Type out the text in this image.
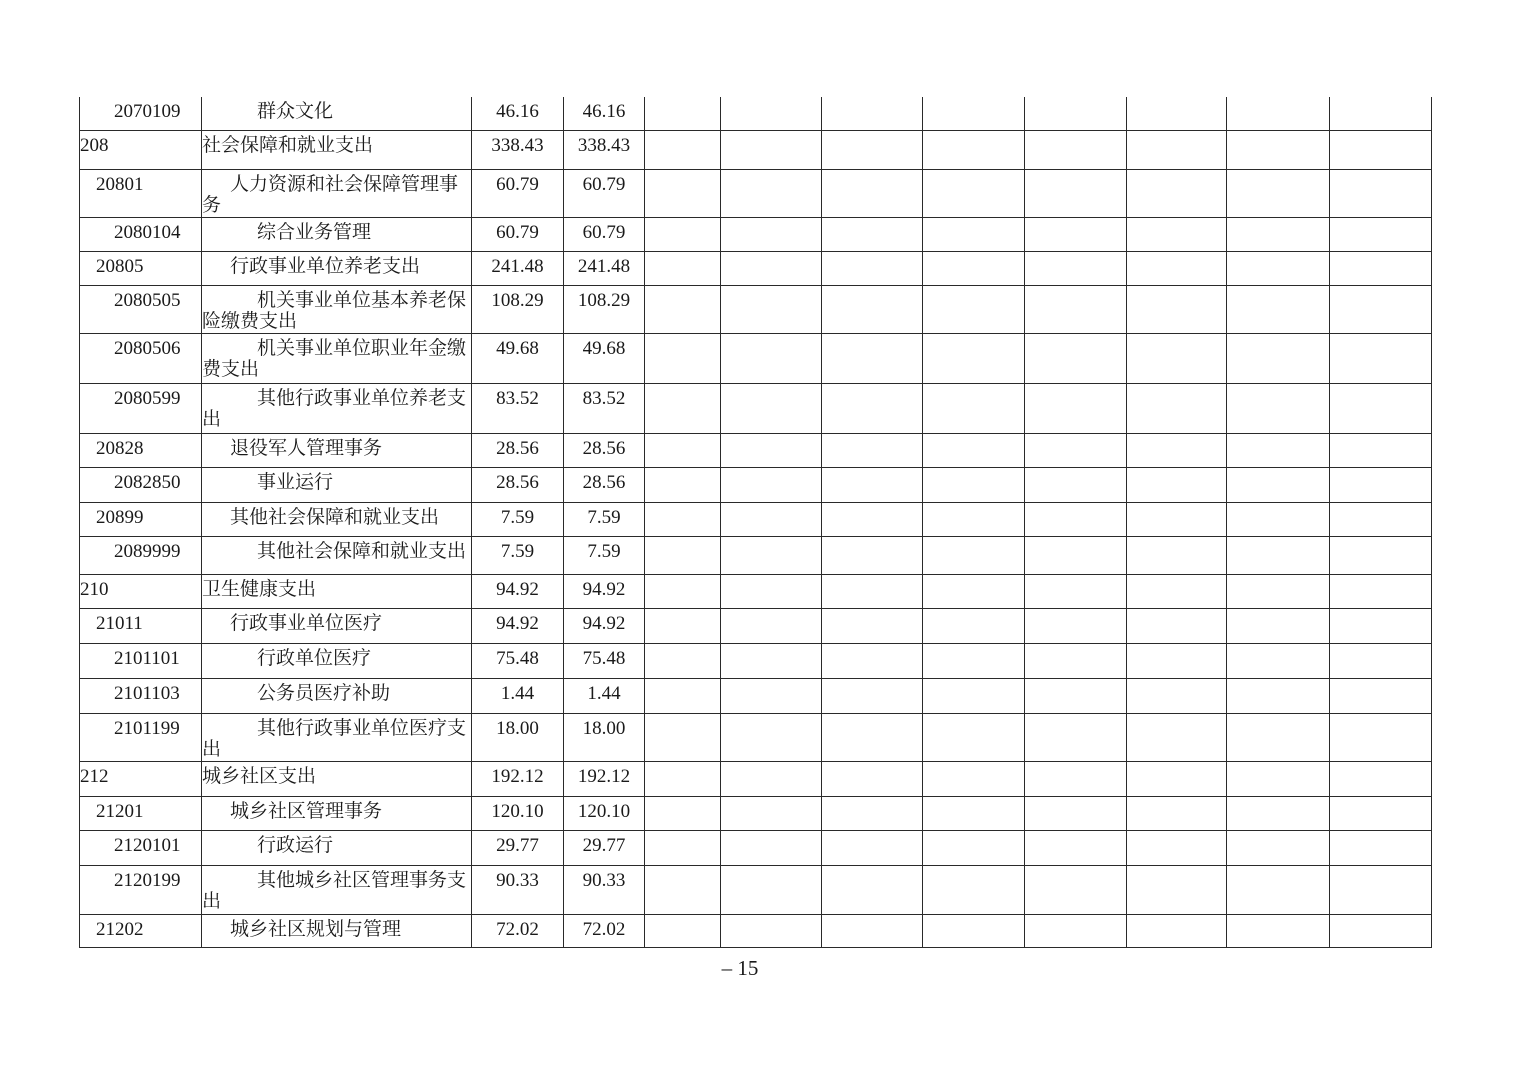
2070109	群众文化	46.16	46.16								
208	社会保障和就业支出	338.43	338.43								
20801	人力资源和社会保障管理事务	60.79	60.79								
2080104	综合业务管理	60.79	60.79								
20805	行政事业单位养老支出	241.48	241.48								
2080505	机关事业单位基本养老保险缴费支出	108.29	108.29								
2080506	机关事业单位职业年金缴费支出	49.68	49.68								
2080599	其他行政事业单位养老支出	83.52	83.52								
20828	退役军人管理事务	28.56	28.56								
2082850	事业运行	28.56	28.56								
20899	其他社会保障和就业支出	7.59	7.59								
2089999	其他社会保障和就业支出	7.59	7.59								
210	卫生健康支出	94.92	94.92								
21011	行政事业单位医疗	94.92	94.92								
2101101	行政单位医疗	75.48	75.48								
2101103	公务员医疗补助	1.44	1.44								
2101199	其他行政事业单位医疗支出	18.00	18.00								
212	城乡社区支出	192.12	192.12								
21201	城乡社区管理事务	120.10	120.10								
2120101	行政运行	29.77	29.77								
2120199	其他城乡社区管理事务支出	90.33	90.33								
21202	城乡社区规划与管理	72.02	72.02								
– 15
